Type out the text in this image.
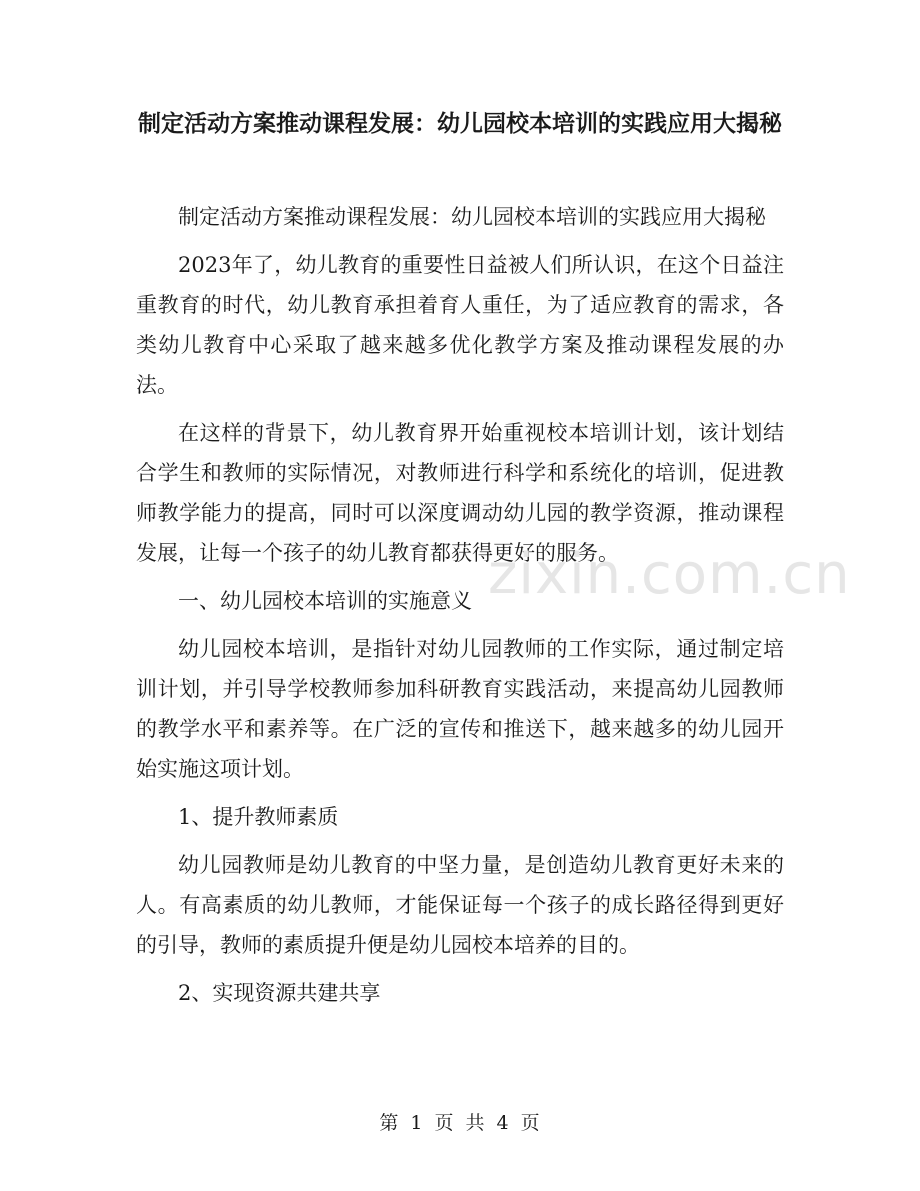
制定活动方案推动课程发展：幼儿园校本培训的实践应用大揭秘

制定活动方案推动课程发展：幼儿园校本培训的实践应用大揭秘

2023年了，幼儿教育的重要性日益被人们所认识，在这个日益注重教育的时代，幼儿教育承担着育人重任，为了适应教育的需求，各类幼儿教育中心采取了越来越多优化教学方案及推动课程发展的办法。

在这样的背景下，幼儿教育界开始重视校本培训计划，该计划结合学生和教师的实际情况，对教师进行科学和系统化的培训，促进教师教学能力的提高，同时可以深度调动幼儿园的教学资源，推动课程发展，让每一个孩子的幼儿教育都获得更好的服务。

一、幼儿园校本培训的实施意义

幼儿园校本培训，是指针对幼儿园教师的工作实际，通过制定培训计划，并引导学校教师参加科研教育实践活动，来提高幼儿园教师的教学水平和素养等。在广泛的宣传和推送下，越来越多的幼儿园开始实施这项计划。

1、提升教师素质

幼儿园教师是幼儿教育的中坚力量，是创造幼儿教育更好未来的人。有高素质的幼儿教师，才能保证每一个孩子的成长路径得到更好的引导，教师的素质提升便是幼儿园校本培养的目的。

2、实现资源共建共享

zixin.com.cn
第 1 页 共 4 页
